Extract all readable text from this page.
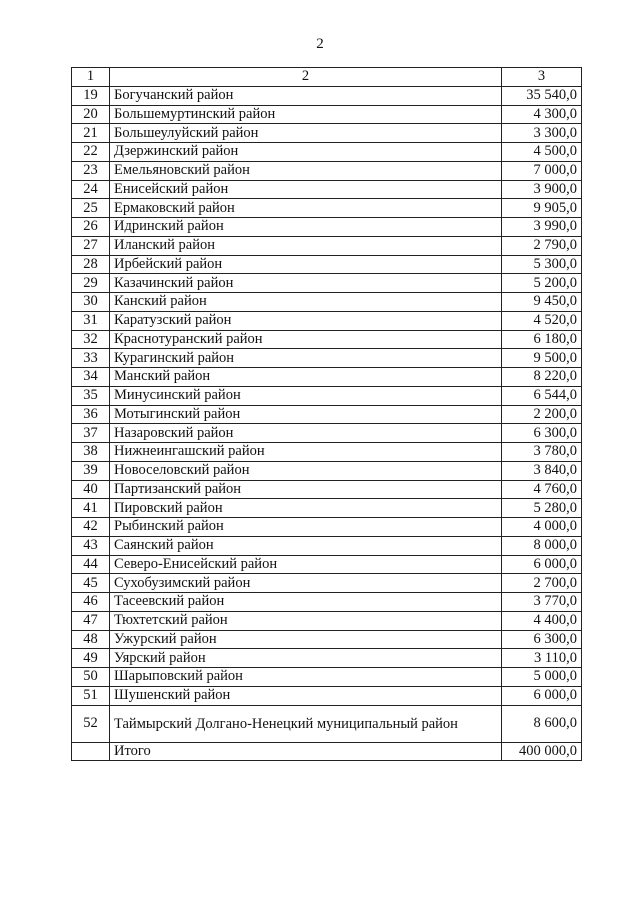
2
1	2	3
19	Богучанский район	35 540,0
20	Большемуртинский район	4 300,0
21	Большеулуйский район	3 300,0
22	Дзержинский район	4 500,0
23	Емельяновский район	7 000,0
24	Енисейский район	3 900,0
25	Ермаковский район	9 905,0
26	Идринский район	3 990,0
27	Иланский район	2 790,0
28	Ирбейский район	5 300,0
29	Казачинский район	5 200,0
30	Канский район	9 450,0
31	Каратузский район	4 520,0
32	Краснотуранский район	6 180,0
33	Курагинский район	9 500,0
34	Манский район	8 220,0
35	Минусинский район	6 544,0
36	Мотыгинский район	2 200,0
37	Назаровский район	6 300,0
38	Нижнеингашский район	3 780,0
39	Новоселовский район	3 840,0
40	Партизанский район	4 760,0
41	Пировский район	5 280,0
42	Рыбинский район	4 000,0
43	Саянский район	8 000,0
44	Северо-Енисейский район	6 000,0
45	Сухобузимский район	2 700,0
46	Тасеевский район	3 770,0
47	Тюхтетский район	4 400,0
48	Ужурский район	6 300,0
49	Уярский район	3 110,0
50	Шарыповский район	5 000,0
51	Шушенский район	6 000,0
52	Таймырский Долгано-Ненецкий муниципальный район	8 600,0
	Итого	400 000,0
